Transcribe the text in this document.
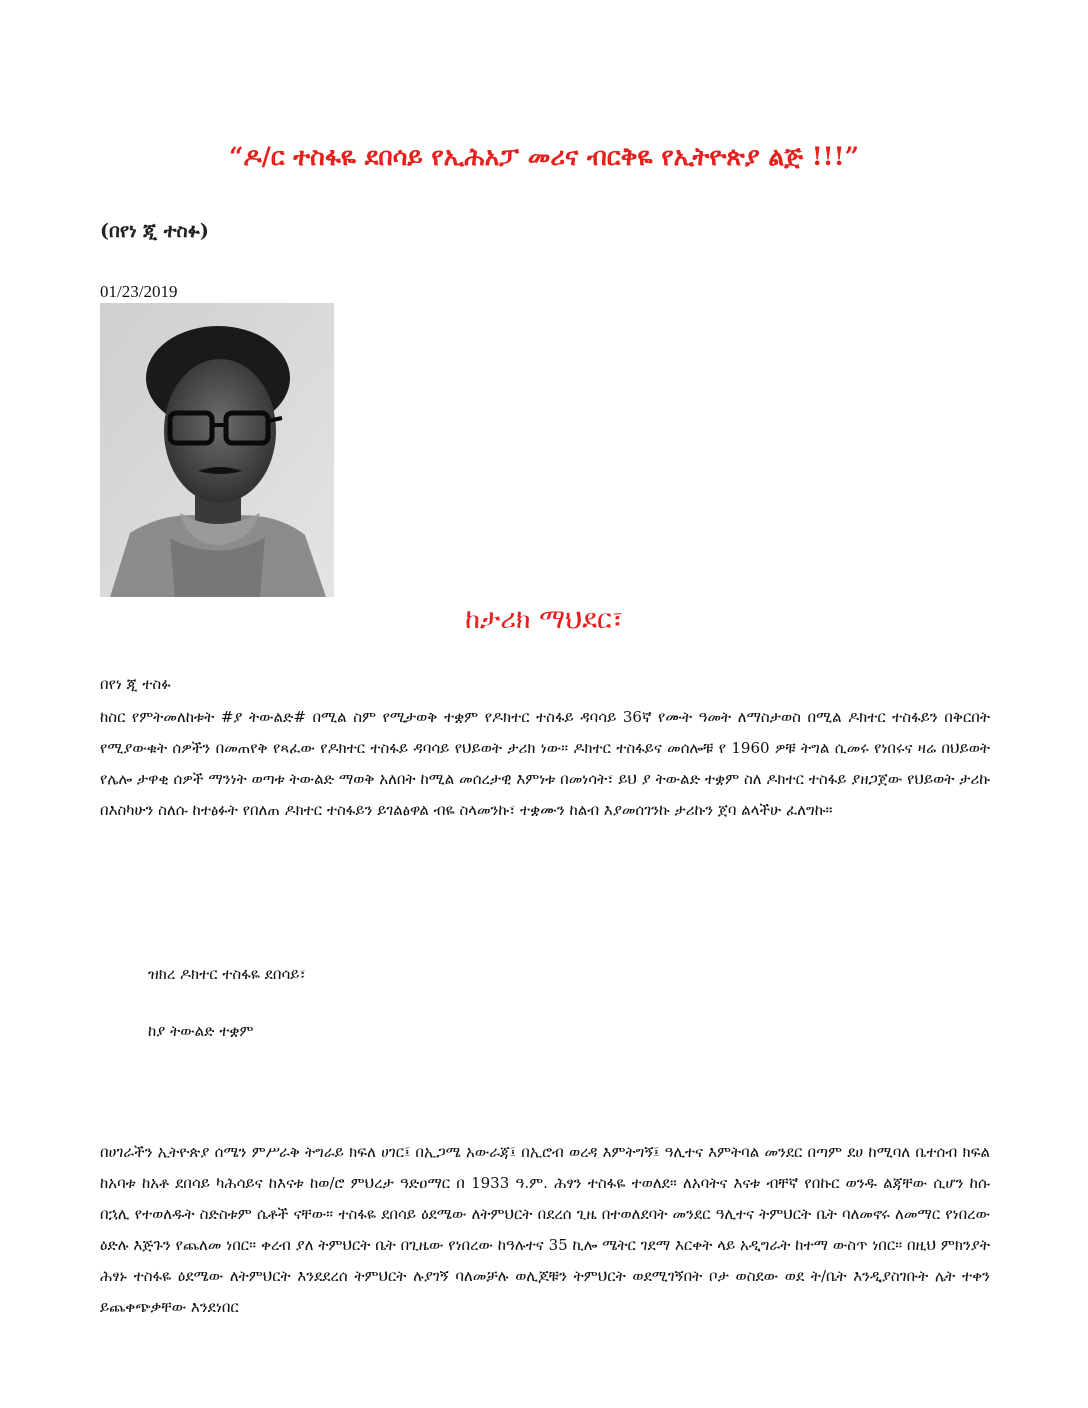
“ዶ/ር ተስፋዬ ደበሳይ የኢሕአፓ መሪና ብርቅዬ የኢትዮጵያ ልጅ !!!”
(በየነ ጂ ተስፉ)
01/23/2019
ከታሪክ ማህደር፣
በየነ ጂ ተስፉ
ከስር የምትመለከቱት #ያ ትውልድ# በሚል ስም የሚታወቅ ተቋም የዶክተር ተስፋይ ዳባሳይ 36ኛ የሙት ዓመት ለማስታወስ በሚል ዶክተር ተስፋይን በቅርበት የሚያውቁት ሰዎችን በመጠየቅ የጻፈው የዶክተር ተስፋይ ዳባሳይ የህይወት ታሪክ ነው። ዶክተር ተስፋይና መሰሎቹ የ 1960 ዎቹ ትግል ሲመሩ የነበሩና ዛሬ በህይወት የሌሎ ታዋቂ ሰዎች ማንነት ወጣቱ ትውልድ ማወቅ አለበት ከሚል መሰረታዊ እምነቱ በመነሳት፣ ይህ ያ ትውልድ ተቋም ስለ ዶክተር ተስፋይ ያዘጋጀው የህይወት ታሪኩ በእስካሁን ስለሱ ከተፅፉት የበለጠ ዶክተር ተስፋይን ይገልፅዋል ብዬ ስላመንኩ፣ ተቋሙን ከልብ እያመሰገንኩ ታሪኩን ጀባ ልላችሁ ፈለግኩ።
ዝክረ ዶክተር ተስፋዬ ደበሳይ፣
ከያ ትውልድ ተቋም
በሀገራችን ኢትዮጵያ ሰሜን ምሥራቅ ትግራይ ክፍለ ሀገር፤ በኢጋሜ አውራጃ፤ በኢሮብ ወረዳ እምትግኝ፤ ዓሊተና እምትባል መንደር በጣም ደሀ ከሚባለ ቤተሰብ ክፍል ከአባቱ ከአቶ ደበሳይ ካሕሳይና ከእናቱ ከወ/ሮ ምህረታ ዓድዐማር በ 1933 ዓ.ም. ሕፃን ተስፋዬ ተወለደ። ለአባትና እናቱ ብቸኛ የበኩር ወንዱ ልጃቸው ሲሆን ከሱ በኋሊ የተወለዱት ስድስቱም ሴቶች ናቸው። ተስፋዬ ደበሳይ ዕደሜው ለትምህርት በደረሰ ጊዜ በተወለደባት መንደር ዓሊተና ትምህርት ቤት ባለመኖሩ ለመማር የነበረው ዕድሉ እጅጉን የጨለመ ነበር። ቀረብ ያለ ትምህርት ቤት በጊዜው የነበረው ከዓሉተና 35 ኪሎ ሜትር ገደማ እርቀት ላይ አዲግራት ከተማ ውስጥ ነበር። በዚህ ምክንያት ሕፃኑ ተስፋዬ ዕደሜው ለትምህርት እንደደረሰ ትምህርት ሉያገኝ ባለመቻሉ ወሊጆቹን ትምህርት ወደሚገኝበት ቦታ ወስደው ወደ ት/ቤት እንዲያስገቡት ሌት ተቀን ይጨቀጭቃቸው እንደነበር
